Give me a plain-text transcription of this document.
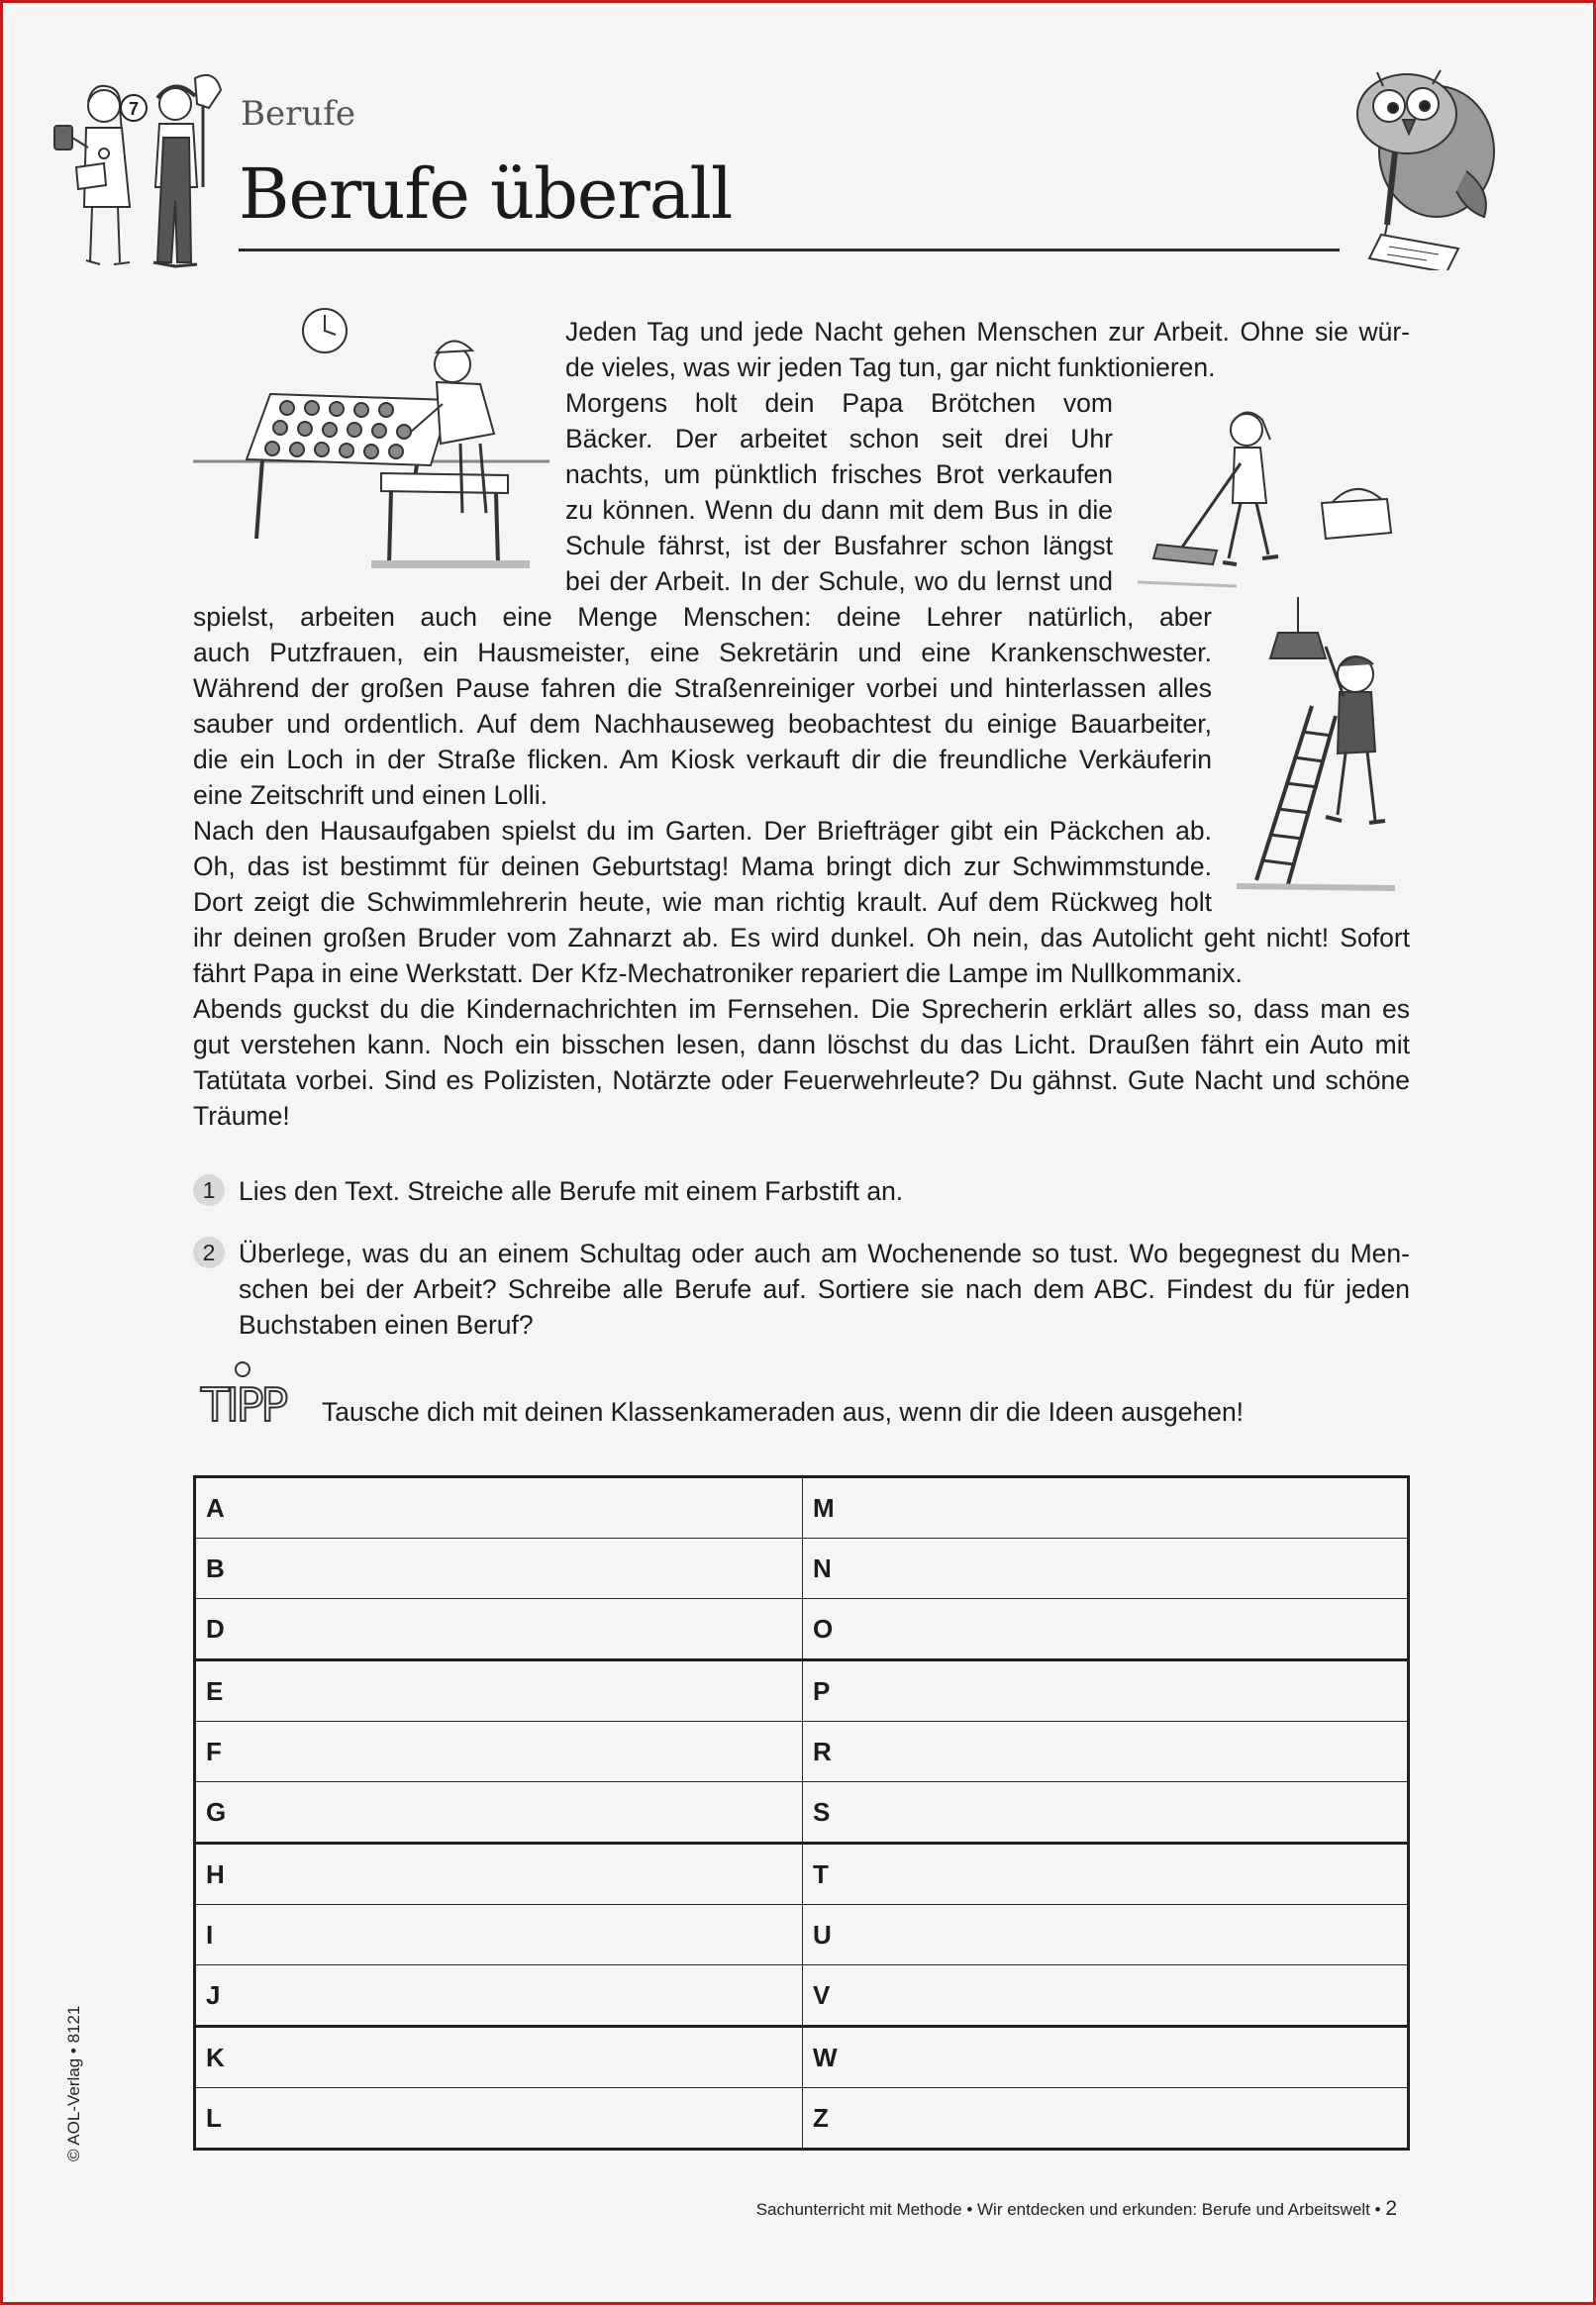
7	Berufe
Berufe überall
Jeden Tag und jede Nacht gehen Menschen zur Arbeit. Ohne sie wür-
de vieles, was wir jeden Tag tun, gar nicht funktionieren.
Morgens holt dein Papa Brötchen vom
Bäcker. Der arbeitet schon seit drei Uhr
nachts, um pünktlich frisches Brot verkaufen
zu können. Wenn du dann mit dem Bus in die
Schule fährst, ist der Busfahrer schon längst
bei der Arbeit. In der Schule, wo du lernst und
spielst, arbeiten auch eine Menge Menschen: deine Lehrer natürlich, aber
auch Putzfrauen, ein Hausmeister, eine Sekretärin und eine Krankenschwester.
Während der großen Pause fahren die Straßenreiniger vorbei und hinterlassen alles
sauber und ordentlich. Auf dem Nachhauseweg beobachtest du einige Bauarbeiter,
die ein Loch in der Straße flicken. Am Kiosk verkauft dir die freundliche Verkäuferin
eine Zeitschrift und einen Lolli.
Nach den Hausaufgaben spielst du im Garten. Der Briefträger gibt ein Päckchen ab.
Oh, das ist bestimmt für deinen Geburtstag! Mama bringt dich zur Schwimmstunde.
Dort zeigt die Schwimmlehrerin heute, wie man richtig krault. Auf dem Rückweg holt
ihr deinen großen Bruder vom Zahnarzt ab. Es wird dunkel. Oh nein, das Autolicht geht nicht! Sofort
fährt Papa in eine Werkstatt. Der Kfz-Mechatroniker repariert die Lampe im Nullkommanix.
Abends guckst du die Kindernachrichten im Fernsehen. Die Sprecherin erklärt alles so, dass man es
gut verstehen kann. Noch ein bisschen lesen, dann löschst du das Licht. Draußen fährt ein Auto mit
Tatütata vorbei. Sind es Polizisten, Notärzte oder Feuerwehrleute? Du gähnst. Gute Nacht und schöne
Träume!
1 Lies den Text. Streiche alle Berufe mit einem Farbstift an.
2 Überlege, was du an einem Schultag oder auch am Wochenende so tust. Wo begegnest du Men-
schen bei der Arbeit? Schreibe alle Berufe auf. Sortiere sie nach dem ABC. Findest du für jeden
Buchstaben einen Beruf?
TIPP	Tausche dich mit deinen Klassenkameraden aus, wenn dir die Ideen ausgehen!
A	M
B	N
D	O
E	P
F	R
G	S
H	T
I	U
J	V
K	W
L	Z
© AOL-Verlag • 8121
Sachunterricht mit Methode • Wir entdecken und erkunden: Berufe und Arbeitswelt • 2
